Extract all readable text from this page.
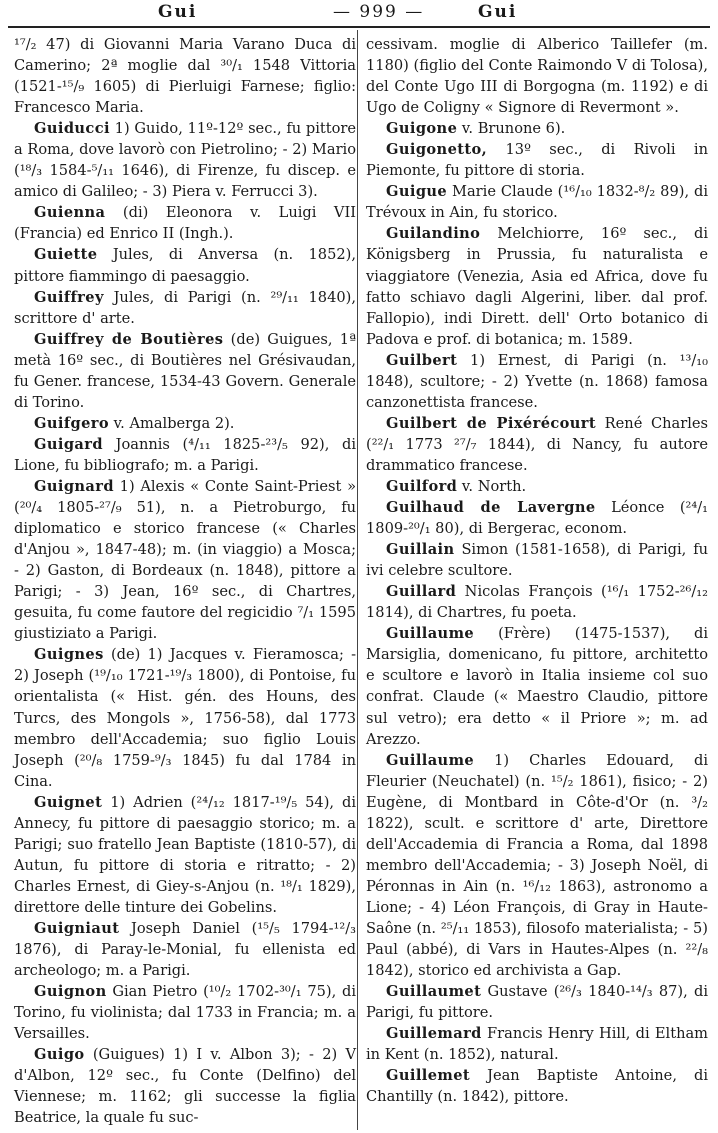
Gui	— 999 —	Gui

¹⁷/₂ 47) di Giovanni Maria Varano Duca di Camerino; 2ª moglie dal ³⁰/₁ 1548 Vittoria (1521-¹⁵/₉ 1605) di Pierluigi Farnese; figlio: Francesco Maria.

Guiducci 1) Guido, 11º-12º sec., fu pittore a Roma, dove lavorò con Pietrolino; - 2) Mario (¹⁸/₃ 1584-⁵/₁₁ 1646), di Firenze, fu discep. e amico di Galileo; - 3) Piera v. Ferrucci 3).

Guienna (di) Eleonora v. Luigi VII (Francia) ed Enrico II (Ingh.).

Guiette Jules, di Anversa (n. 1852), pittore fiammingo di paesaggio.

Guiffrey Jules, di Parigi (n. ²⁹/₁₁ 1840), scrittore d' arte.

Guiffrey de Boutières (de) Guigues, 1ª metà 16º sec., di Boutières nel Grésivaudan, fu Gener. francese, 1534-43 Govern. Generale di Torino.

Guifgero v. Amalberga 2).

Guigard Joannis (⁴/₁₁ 1825-²³/₅ 92), di Lione, fu bibliografo; m. a Parigi.

Guignard 1) Alexis « Conte Saint-Priest » (²⁰/₄ 1805-²⁷/₉ 51), n. a Pietroburgo, fu diplomatico e storico francese (« Charles d'Anjou », 1847-48); m. (in viaggio) a Mosca; - 2) Gaston, di Bordeaux (n. 1848), pittore a Parigi; - 3) Jean, 16º sec., di Chartres, gesuita, fu come fautore del regicidio ⁷/₁ 1595 giustiziato a Parigi.

Guignes (de) 1) Jacques v. Fieramosca; - 2) Joseph (¹⁹/₁₀ 1721-¹⁹/₃ 1800), di Pontoise, fu orientalista (« Hist. gén. des Houns, des Turcs, des Mongols », 1756-58), dal 1773 membro dell'Accademia; suo figlio Louis Joseph (²⁰/₈ 1759-⁹/₃ 1845) fu dal 1784 in Cina.

Guignet 1) Adrien (²⁴/₁₂ 1817-¹⁹/₅ 54), di Annecy, fu pittore di paesaggio storico; m. a Parigi; suo fratello Jean Baptiste (1810-57), di Autun, fu pittore di storia e ritratto; - 2) Charles Ernest, di Giey-s-Anjou (n. ¹⁸/₁ 1829), direttore delle tinture dei Gobelins.

Guigniaut Joseph Daniel (¹⁵/₅ 1794-¹²/₃ 1876), di Paray-le-Monial, fu ellenista ed archeologo; m. a Parigi.

Guignon Gian Pietro (¹⁰/₂ 1702-³⁰/₁ 75), di Torino, fu violinista; dal 1733 in Francia; m. a Versailles.

Guigo (Guigues) 1) I v. Albon 3); - 2) V d'Albon, 12º sec., fu Conte (Delfino) del Viennese; m. 1162; gli successe la figlia Beatrice, la quale fu suc-

cessivam. moglie di Alberico Taillefer (m. 1180) (figlio del Conte Raimondo V di Tolosa), del Conte Ugo III di Borgogna (m. 1192) e di Ugo de Coligny « Signore di Revermont ».

Guigone v. Brunone 6).

Guigonetto, 13º sec., di Rivoli in Piemonte, fu pittore di storia.

Guigue Marie Claude (¹⁶/₁₀ 1832-⁸/₂ 89), di Trévoux in Ain, fu storico.

Guilandino Melchiorre, 16º sec., di Königsberg in Prussia, fu naturalista e viaggiatore (Venezia, Asia ed Africa, dove fu fatto schiavo dagli Algerini, liber. dal prof. Fallopio), indi Dirett. dell' Orto botanico di Padova e prof. di botanica; m. 1589.

Guilbert 1) Ernest, di Parigi (n. ¹³/₁₀ 1848), scultore; - 2) Yvette (n. 1868) famosa canzonettista francese.

Guilbert de Pixérécourt René Charles (²²/₁ 1773 ²⁷/₇ 1844), di Nancy, fu autore drammatico francese.

Guilford v. North.

Guilhaud de Lavergne Léonce (²⁴/₁ 1809-²⁰/₁ 80), di Bergerac, econom.

Guillain Simon (1581-1658), di Parigi, fu ivi celebre scultore.

Guillard Nicolas François (¹⁶/₁ 1752-²⁶/₁₂ 1814), di Chartres, fu poeta.

Guillaume (Frère) (1475-1537), di Marsiglia, domenicano, fu pittore, architetto e scultore e lavorò in Italia insieme col suo confrat. Claude (« Maestro Claudio, pittore sul vetro); era detto « il Priore »; m. ad Arezzo.

Guillaume 1) Charles Edouard, di Fleurier (Neuchatel) (n. ¹⁵/₂ 1861), fisico; - 2) Eugène, di Montbard in Côte-d'Or (n. ³/₂ 1822), scult. e scrittore d' arte, Direttore dell'Accademia di Francia a Roma, dal 1898 membro dell'Accademia; - 3) Joseph Noël, di Péronnas in Ain (n. ¹⁶/₁₂ 1863), astronomo a Lione; - 4) Léon François, di Gray in Haute-Saône (n. ²⁵/₁₁ 1853), filosofo materialista; - 5) Paul (abbé), di Vars in Hautes-Alpes (n. ²²/₈ 1842), storico ed archivista a Gap.

Guillaumet Gustave (²⁶/₃ 1840-¹⁴/₃ 87), di Parigi, fu pittore.

Guillemard Francis Henry Hill, di Eltham in Kent (n. 1852), natural.

Guillemet Jean Baptiste Antoine, di Chantilly (n. 1842), pittore.
